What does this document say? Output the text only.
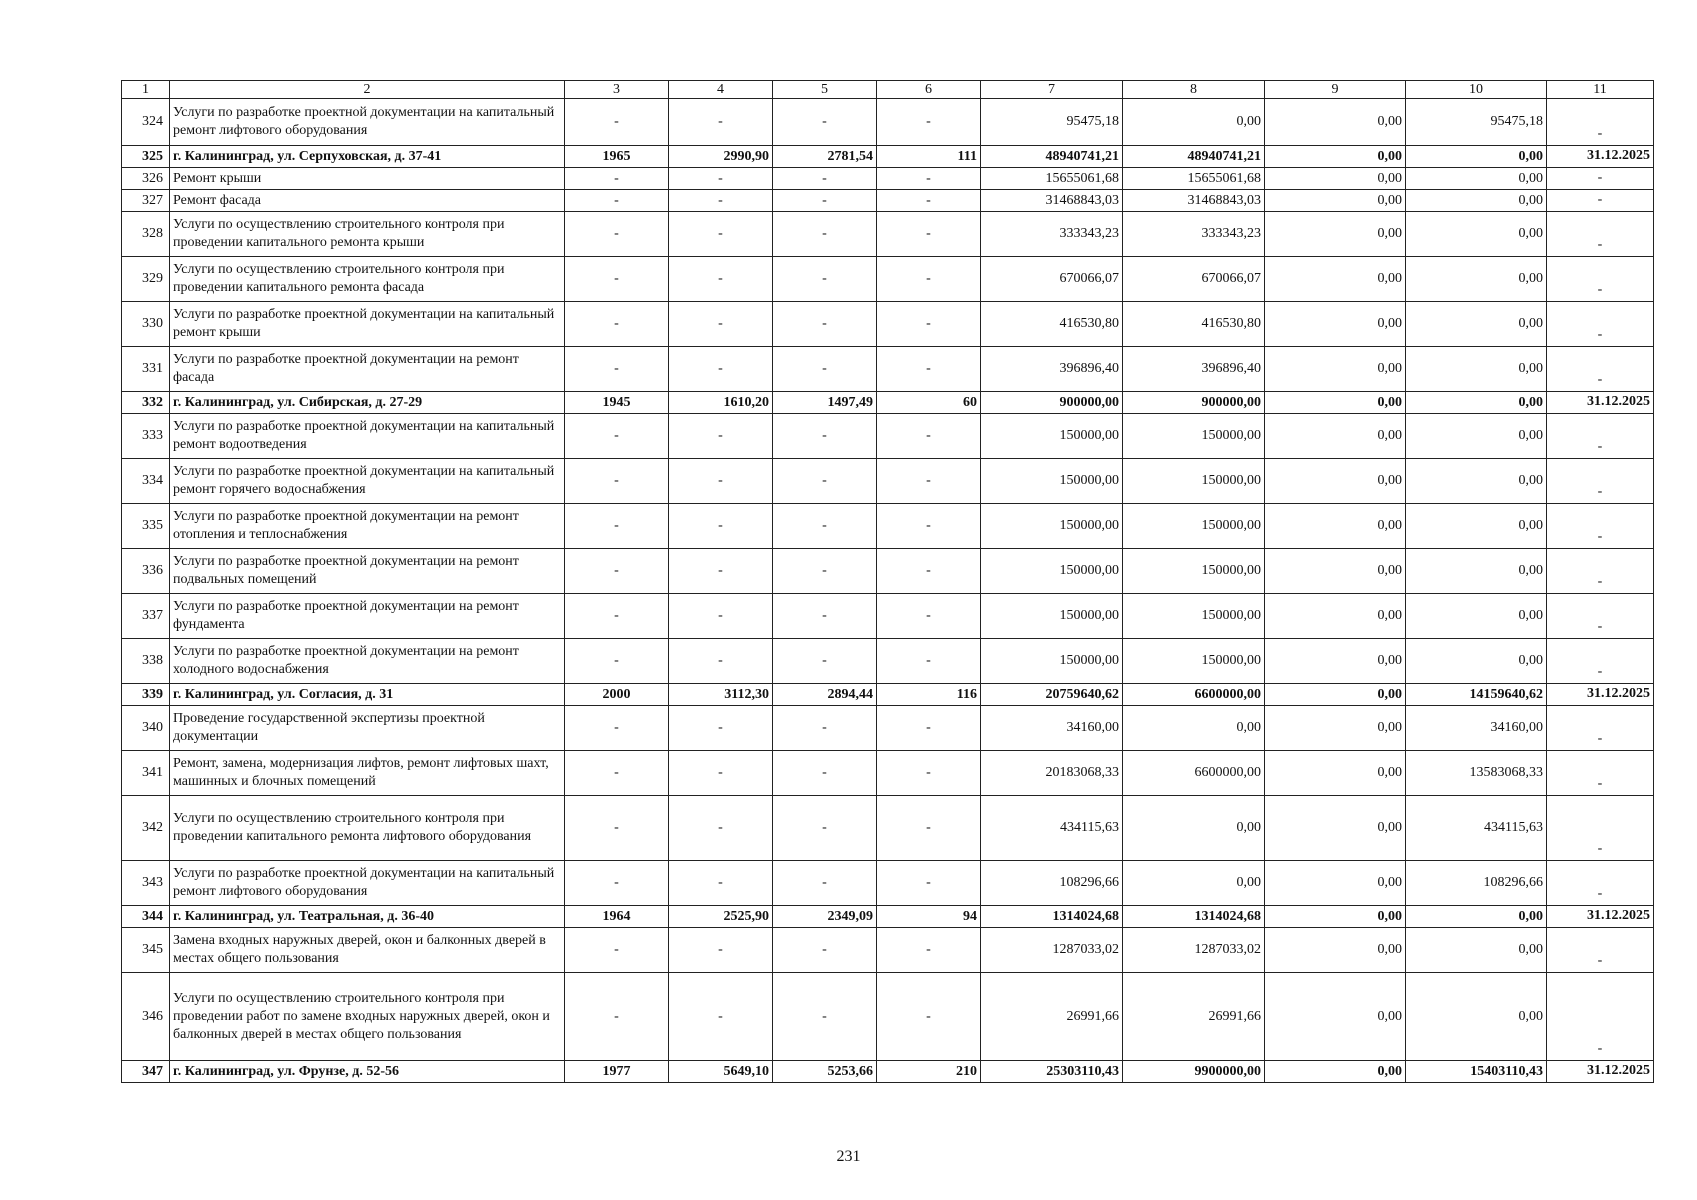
1	2	3	4	5	6	7	8	9	10	11
324	Услуги по разработке проектной документации на капитальный ремонт лифтового оборудования	-	-	-	-	95475,18	0,00	0,00	95475,18	-
325	г. Калининград, ул. Серпуховская, д. 37-41	1965	2990,90	2781,54	111	48940741,21	48940741,21	0,00	0,00	31.12.2025
326	Ремонт крыши	-	-	-	-	15655061,68	15655061,68	0,00	0,00	-
327	Ремонт фасада	-	-	-	-	31468843,03	31468843,03	0,00	0,00	-
328	Услуги по осуществлению строительного контроля при проведении капитального ремонта крыши	-	-	-	-	333343,23	333343,23	0,00	0,00	-
329	Услуги по осуществлению строительного контроля при проведении капитального ремонта фасада	-	-	-	-	670066,07	670066,07	0,00	0,00	-
330	Услуги по разработке проектной документации на капитальный ремонт крыши	-	-	-	-	416530,80	416530,80	0,00	0,00	-
331	Услуги по разработке проектной документации на ремонт фасада	-	-	-	-	396896,40	396896,40	0,00	0,00	-
332	г. Калининград, ул. Сибирская, д. 27-29	1945	1610,20	1497,49	60	900000,00	900000,00	0,00	0,00	31.12.2025
333	Услуги по разработке проектной документации на капитальный ремонт водоотведения	-	-	-	-	150000,00	150000,00	0,00	0,00	-
334	Услуги по разработке проектной документации на капитальный ремонт горячего водоснабжения	-	-	-	-	150000,00	150000,00	0,00	0,00	-
335	Услуги по разработке проектной документации на ремонт отопления и теплоснабжения	-	-	-	-	150000,00	150000,00	0,00	0,00	-
336	Услуги по разработке проектной документации на ремонт подвальных помещений	-	-	-	-	150000,00	150000,00	0,00	0,00	-
337	Услуги по разработке проектной документации на ремонт фундамента	-	-	-	-	150000,00	150000,00	0,00	0,00	-
338	Услуги по разработке проектной документации на ремонт холодного водоснабжения	-	-	-	-	150000,00	150000,00	0,00	0,00	-
339	г. Калининград, ул. Согласия, д. 31	2000	3112,30	2894,44	116	20759640,62	6600000,00	0,00	14159640,62	31.12.2025
340	Проведение государственной экспертизы проектной документации	-	-	-	-	34160,00	0,00	0,00	34160,00	-
341	Ремонт, замена, модернизация лифтов, ремонт лифтовых шахт, машинных и блочных помещений	-	-	-	-	20183068,33	6600000,00	0,00	13583068,33	-
342	Услуги по осуществлению строительного контроля при проведении капитального ремонта лифтового оборудования	-	-	-	-	434115,63	0,00	0,00	434115,63	-
343	Услуги по разработке проектной документации на капитальный ремонт лифтового оборудования	-	-	-	-	108296,66	0,00	0,00	108296,66	-
344	г. Калининград, ул. Театральная, д. 36-40	1964	2525,90	2349,09	94	1314024,68	1314024,68	0,00	0,00	31.12.2025
345	Замена входных наружных дверей, окон и балконных дверей в местах общего пользования	-	-	-	-	1287033,02	1287033,02	0,00	0,00	-
346	Услуги по осуществлению строительного контроля при проведении работ по замене входных наружных дверей, окон и балконных дверей в местах общего пользования	-	-	-	-	26991,66	26991,66	0,00	0,00	-
347	г. Калининград, ул. Фрунзе, д. 52-56	1977	5649,10	5253,66	210	25303110,43	9900000,00	0,00	15403110,43	31.12.2025
231
